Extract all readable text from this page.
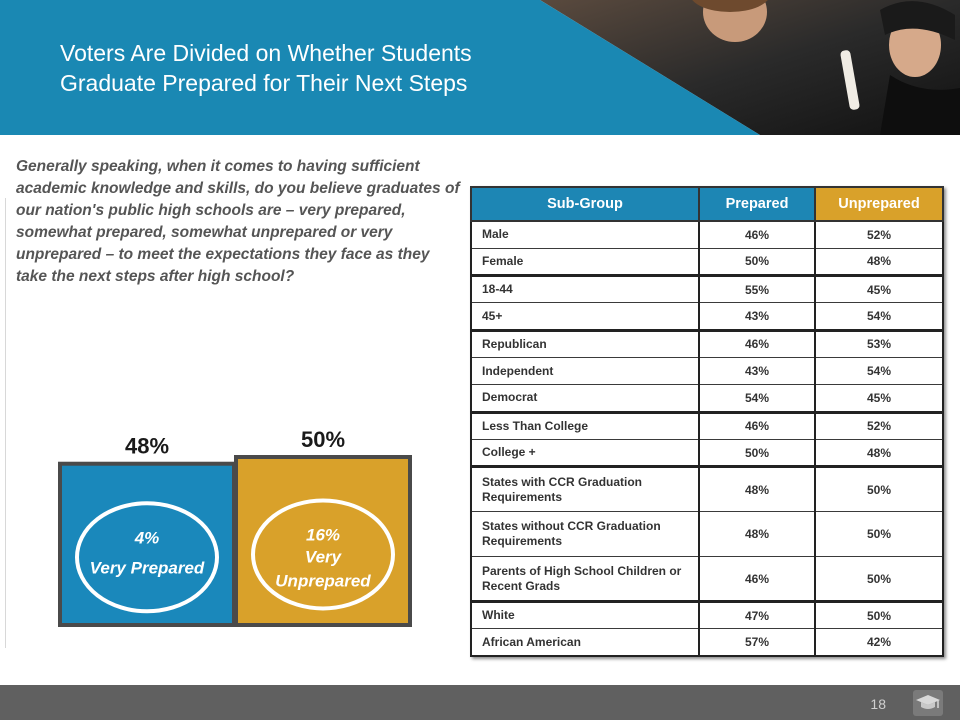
Voters Are Divided on Whether Students
Graduate Prepared for Their Next Steps

Generally speaking, when it comes to having sufficient academic knowledge and skills, do you believe graduates of our nation's public high schools are – very prepared, somewhat prepared, somewhat unprepared or very unprepared – to meet the expectations they face as they take the next steps after high school?

48%
4%
50%
16%
Very Prepared
Very Unprepared
Sub-Group	Prepared	Unprepared
Male	46%	52%
Female	50%	48%
18-44	55%	45%
45+	43%	54%
Republican	46%	53%
Independent	43%	54%
Democrat	54%	45%
Less Than College	46%	52%
College +	50%	48%
States with CCR Graduation Requirements	48%	50%
States without CCR Graduation Requirements	48%	50%
Parents of High School Children or Recent Grads	46%	50%
White	47%	50%
African American	57%	42%
18
